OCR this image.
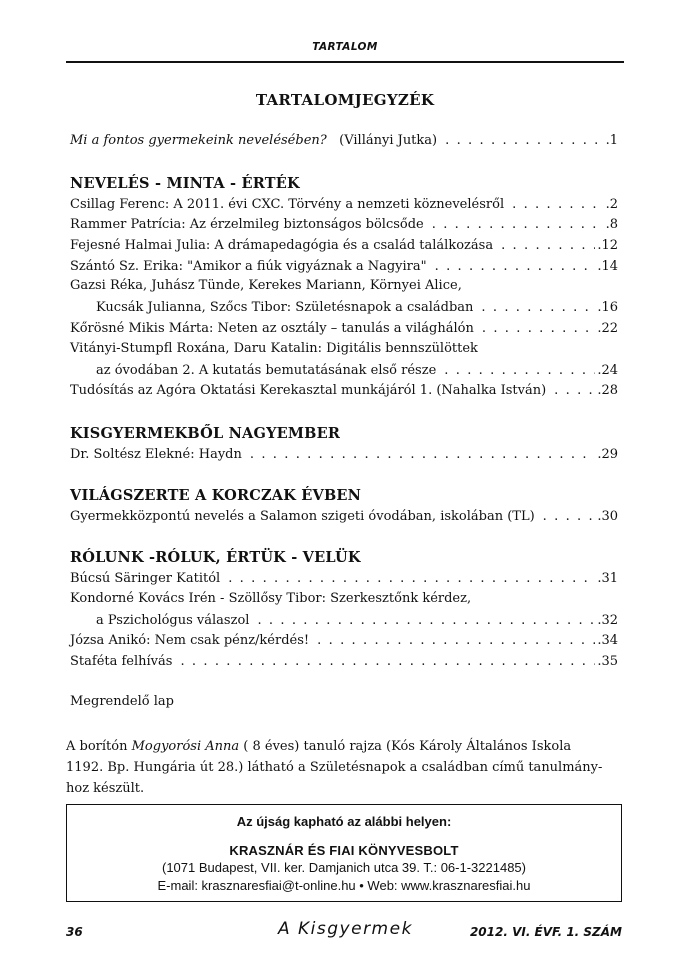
TARTALOM
TARTALOMJEGYZÉK
Mi a fontos gyermekeink nevelésében? (Villányi Jutka) . . .	.1
NEVELÉS - MINTA - ÉRTÉK
Csillag Ferenc: A 2011. évi CXC. Törvény a nemzeti köznevelésről . . .	.2
Rammer Patrícia: Az érzelmileg biztonságos bölcsőde . . .	.8
Fejesné Halmai Julia: A drámapedagógia és a család találkozása . . .	.12
Szántó Sz. Erika: "Amikor a fiúk vigyáznak a Nagyira" . . .	.14
Gazsi Réka, Juhász Tünde, Kerekes Mariann, Környei Alice,
Kucsák Julianna, Szőcs Tibor: Születésnapok a családban . . .	.16
Kőrösné Mikis Márta: Neten az osztály – tanulás a világhálón . . .	.22
Vitányi-Stumpfl Roxána, Daru Katalin: Digitális bennszülöttek
az óvodában 2. A kutatás bemutatásának első része . . .	.24
Tudósítás az Agóra Oktatási Kerekasztal munkájáról 1. (Nahalka István) . . .	.28
KISGYERMEKBŐL NAGYEMBER
Dr. Soltész Elekné: Haydn . . .	.29
VILÁGSZERTE A KORCZAK ÉVBEN
Gyermekközpontú nevelés a Salamon szigeti óvodában, iskolában (TL) . . .	.30
RÓLUNK -RÓLUK, ÉRTÜK - VELÜK
Búcsú Säringer Katitól . . .	.31
Kondorné Kovács Irén - Szöllősy Tibor: Szerkesztőnk kérdez,
a Pszichológus válaszol . . .	.32
Józsa Anikó: Nem csak pénz/kérdés! . . .	.34
Staféta felhívás . . .	.35
Megrendelő lap
A borítón Mogyorósi Anna ( 8 éves) tanuló rajza (Kós Károly Általános Iskola
1192. Bp. Hungária út 28.) látható a Születésnapok a családban című tanulmány-
hoz készült.
Az újság kapható az alábbi helyen:
KRASZNÁR ÉS FIAI KÖNYVESBOLT
(1071 Budapest, VII. ker. Damjanich utca 39. T.: 06-1-3221485)
E-mail: krasznaresfiai@t-online.hu • Web: www.krasznaresfiai.hu
36	A Kisgyermek	2012. VI. ÉVF. 1. SZÁM
